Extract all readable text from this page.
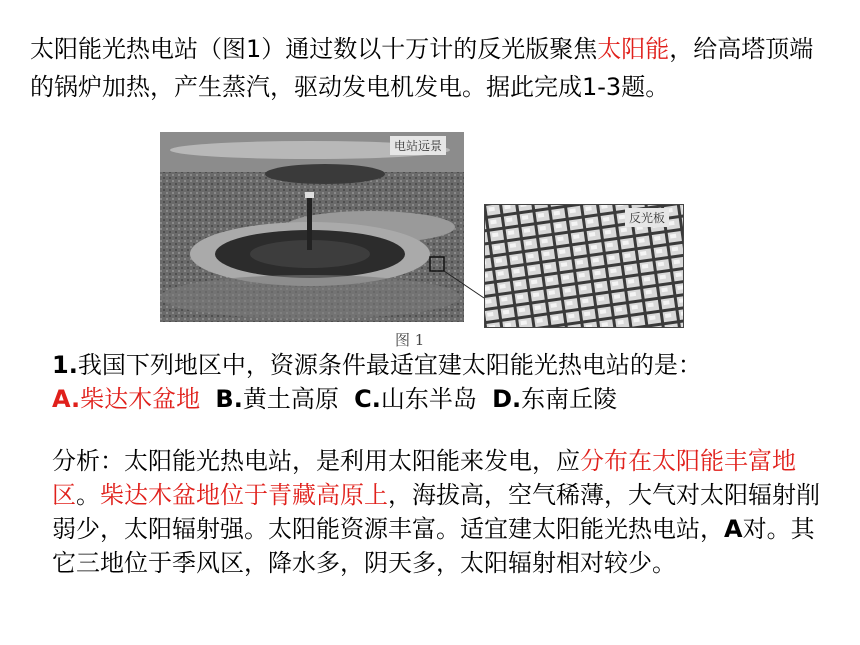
太阳能光热电站（图1）通过数以十万计的反光版聚焦太阳能，给高塔顶端的锅炉加热，产生蒸汽，驱动发电机发电。据此完成1-3题。
电站远景
反光板
图 1
1.我国下列地区中，资源条件最适宜建太阳能光热电站的是：
A.柴达木盆地 B.黄土高原 C.山东半岛 D.东南丘陵
分析：太阳能光热电站，是利用太阳能来发电，应分布在太阳能丰富地区。柴达木盆地位于青藏高原上，海拔高，空气稀薄，大气对太阳辐射削弱少，太阳辐射强。太阳能资源丰富。适宜建太阳能光热电站，A对。其它三地位于季风区，降水多，阴天多，太阳辐射相对较少。
